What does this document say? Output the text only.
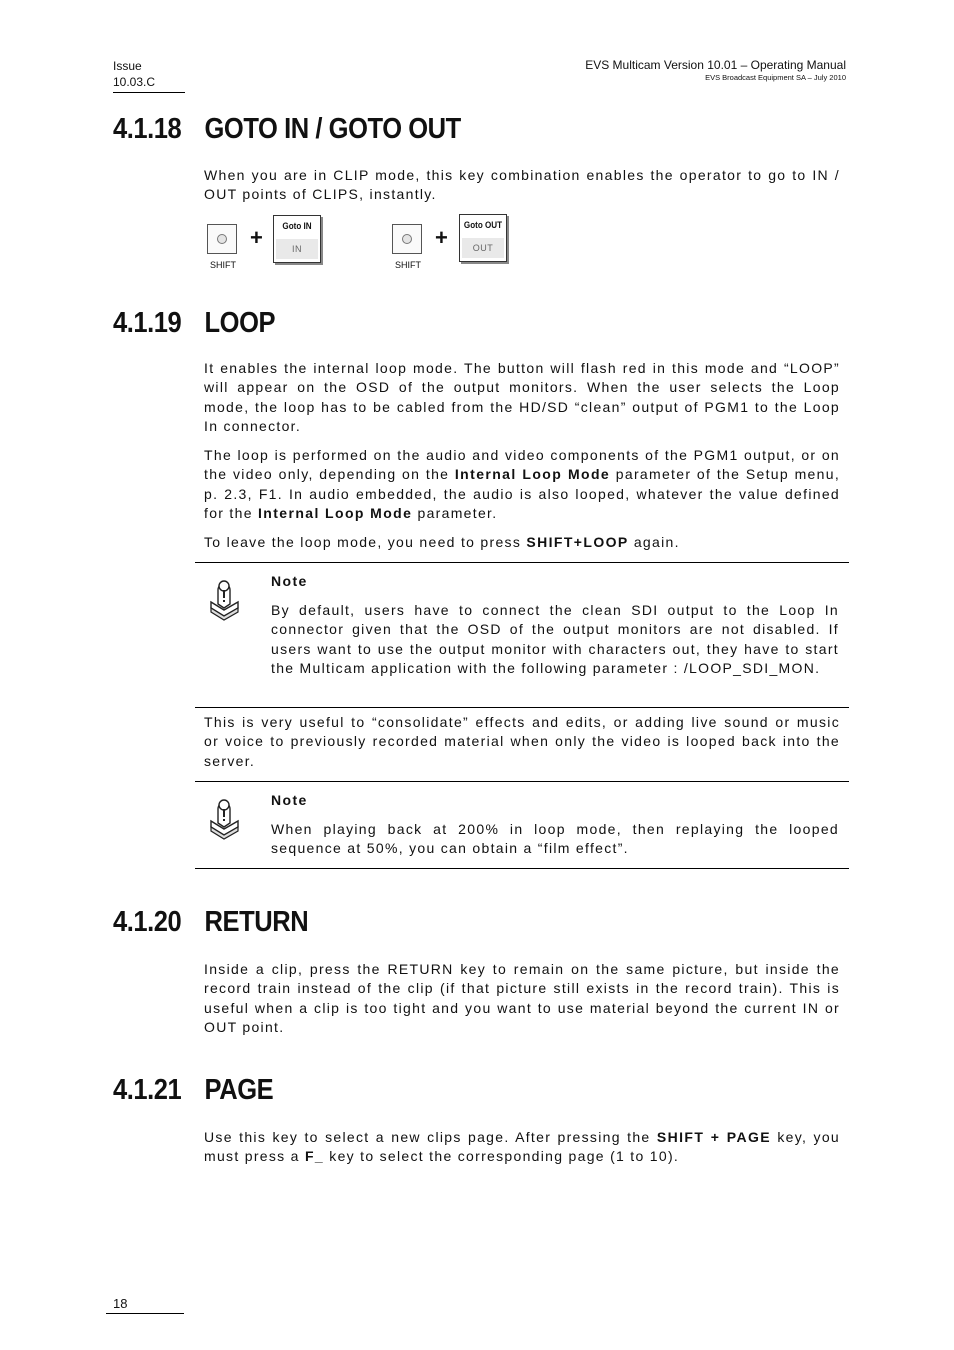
Issue
10.03.C
EVS Multicam Version 10.01 – Operating Manual
EVS Broadcast Equipment SA – July 2010
4.1.18 GOTO IN / GOTO OUT

When you are in CLIP mode, this key combination enables the operator to go to IN / OUT points of CLIPS, instantly.

SHIFT
+	Goto IN
IN
SHIFT
+ Goto OUT
OUT
4.1.19 LOOP

It enables the internal loop mode. The button will flash red in this mode and “LOOP” will appear on the OSD of the output monitors. When the user selects the Loop mode, the loop has to be cabled from the HD/SD “clean” output of PGM1 to the Loop In connector.

The loop is performed on the audio and video components of the PGM1 output, or on the video only, depending on the Internal Loop Mode parameter of the Setup menu, p. 2.3, F1. In audio embedded, the audio is also looped, whatever the value defined for the Internal Loop Mode parameter.

To leave the loop mode, you need to press SHIFT+LOOP again.

Note

By default, users have to connect the clean SDI output to the Loop In connector given that the OSD of the output monitors are not disabled. If users want to use the output monitor with characters out, they have to start the Multicam application with the following parameter : /LOOP_SDI_MON.

This is very useful to “consolidate” effects and edits, or adding live sound or music or voice to previously recorded material when only the video is looped back into the server.

Note

When playing back at 200% in loop mode, then replaying the looped sequence at 50%, you can obtain a “film effect”.

4.1.20 RETURN

Inside a clip, press the RETURN key to remain on the same picture, but inside the record train instead of the clip (if that picture still exists in the record train). This is useful when a clip is too tight and you want to use material beyond the current IN or OUT point.

4.1.21 PAGE

Use this key to select a new clips page. After pressing the SHIFT + PAGE key, you must press a F_ key to select the corresponding page (1 to 10).

18
